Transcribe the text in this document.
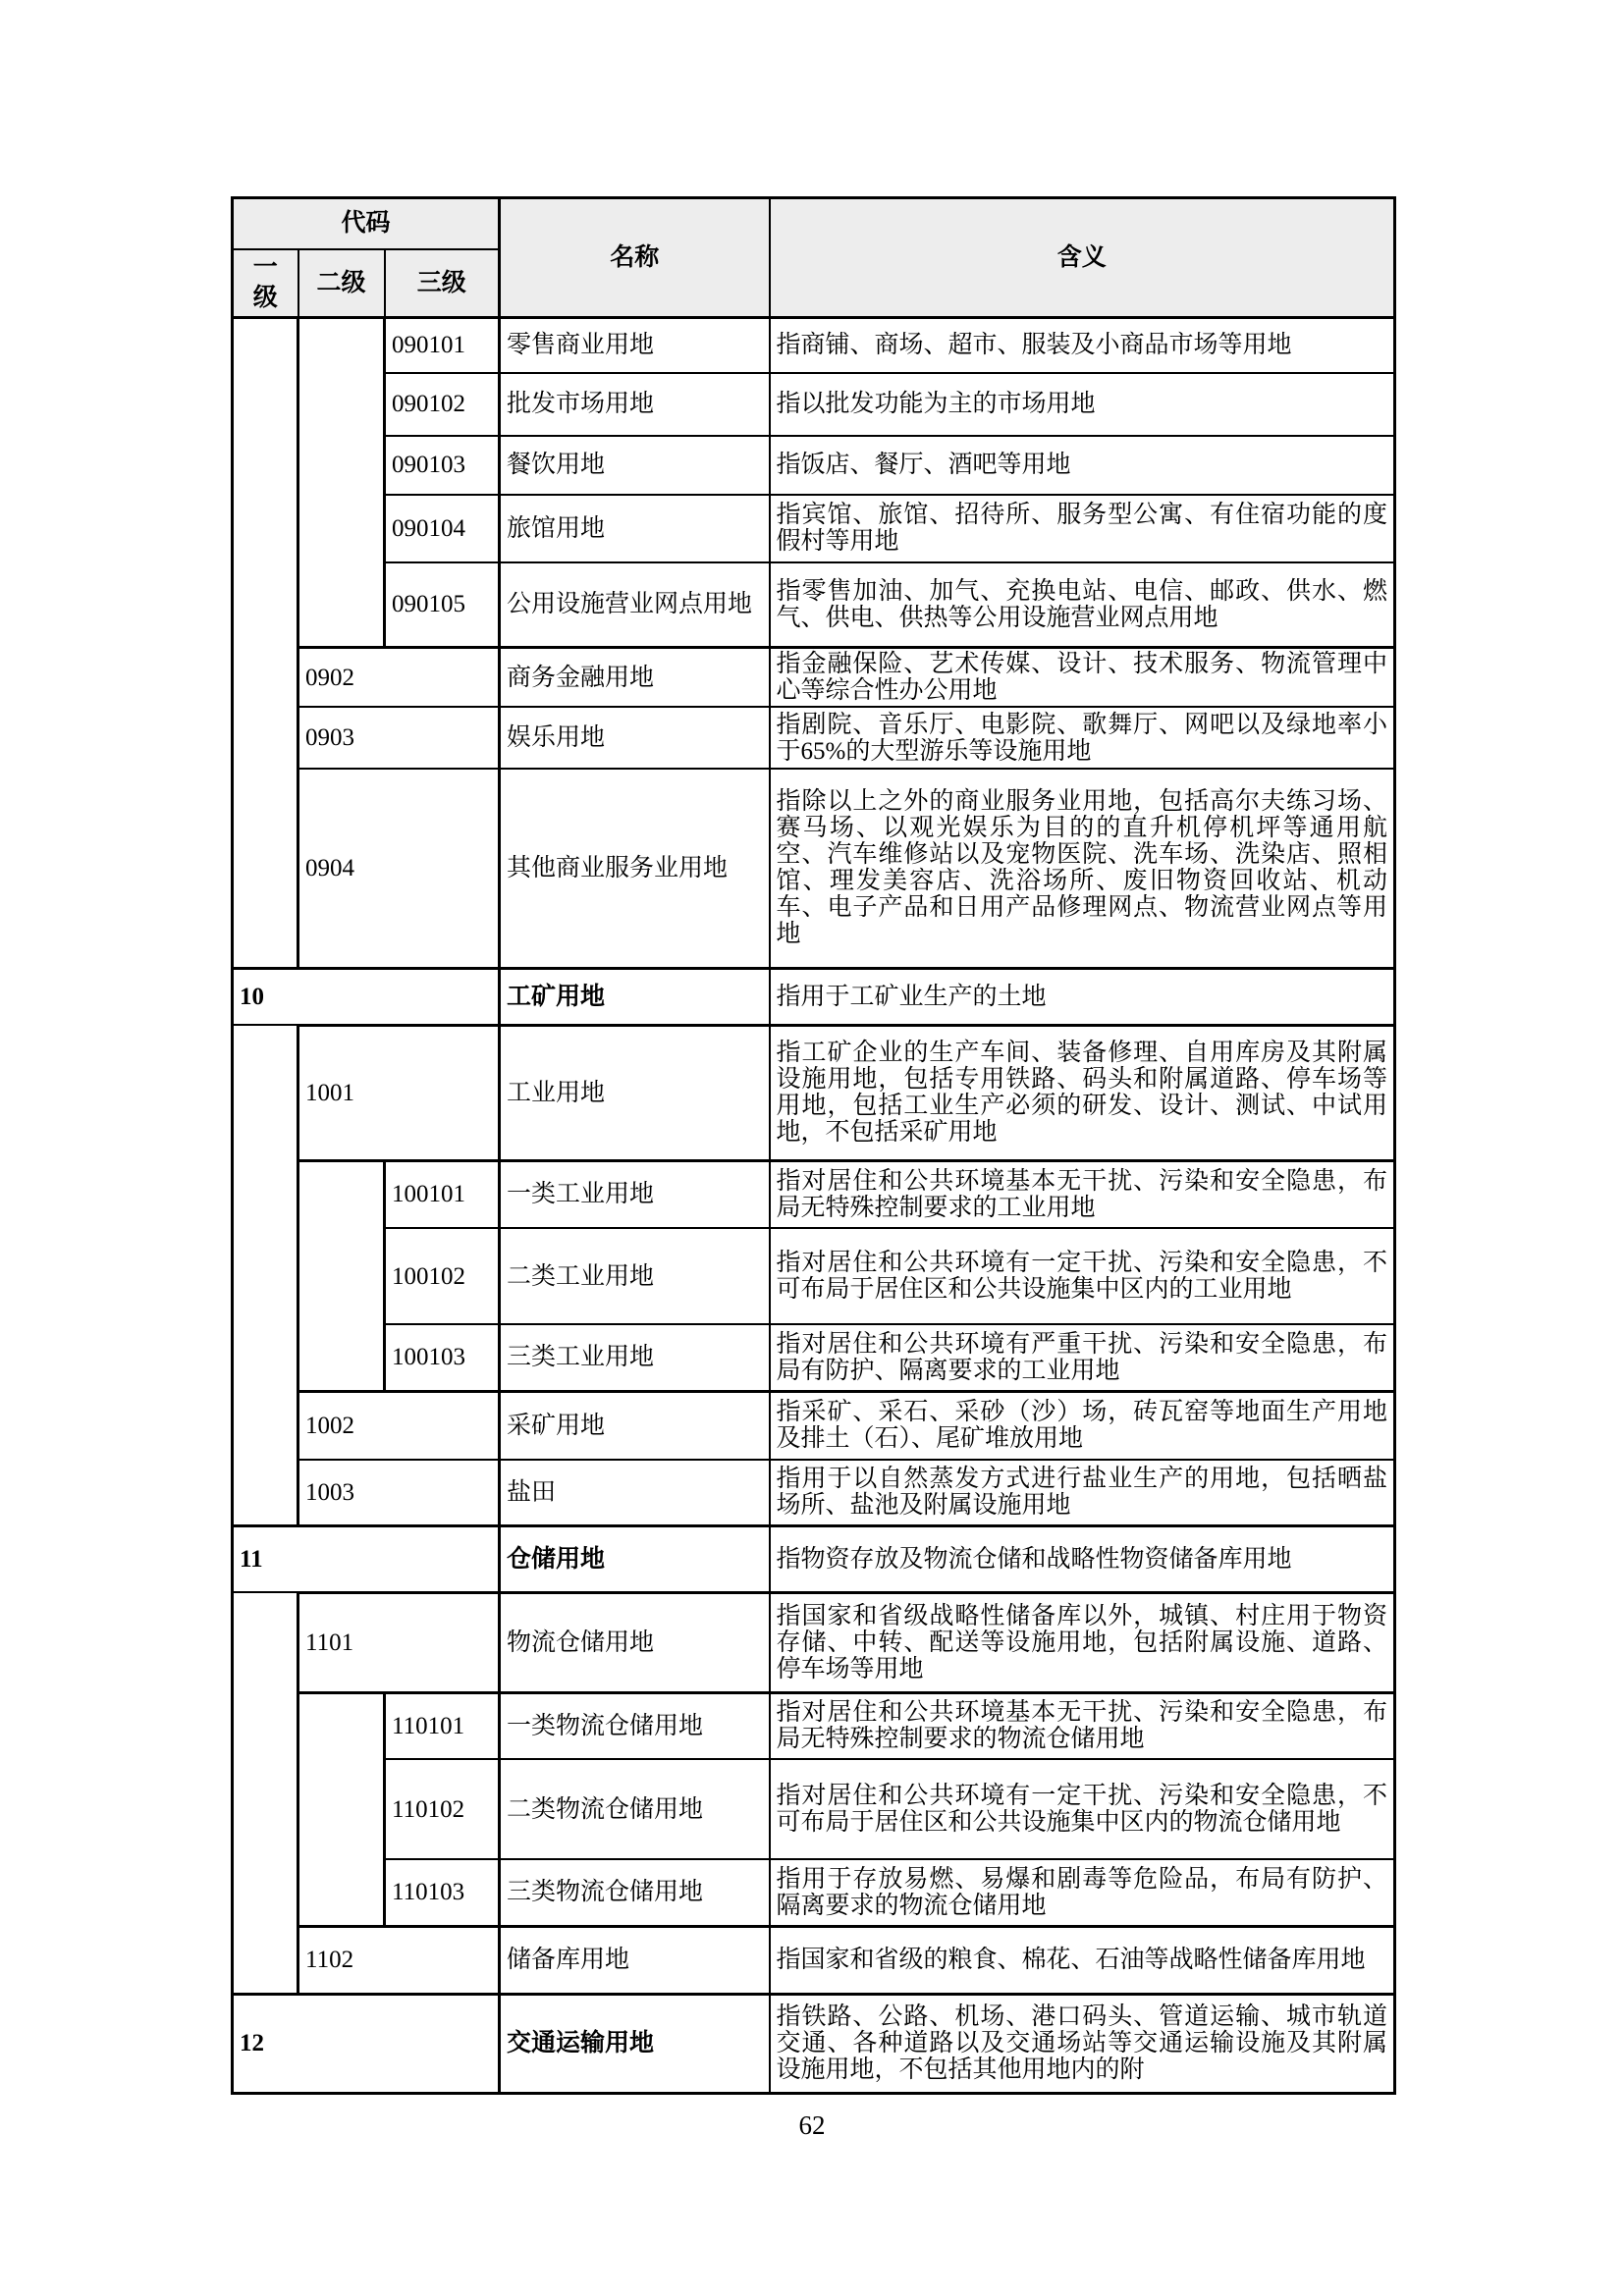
代码			名称	含义
一级	二级	三级		
		090101	零售商业用地	指商铺、商场、超市、服装及小商品市场等用地
		090102	批发市场用地	指以批发功能为主的市场用地
		090103	餐饮用地	指饭店、餐厅、酒吧等用地
		090104	旅馆用地	指宾馆、旅馆、招待所、服务型公寓、有住宿功能的度假村等用地
		090105	公用设施营业网点用地	指零售加油、加气、充换电站、电信、邮政、供水、燃气、供电、供热等公用设施营业网点用地
	0902		商务金融用地	指金融保险、艺术传媒、设计、技术服务、物流管理中心等综合性办公用地
	0903		娱乐用地	指剧院、音乐厅、电影院、歌舞厅、网吧以及绿地率小于65%的大型游乐等设施用地
	0904		其他商业服务业用地	指除以上之外的商业服务业用地，包括高尔夫练习场、赛马场、以观光娱乐为目的的直升机停机坪等通用航空、汽车维修站以及宠物医院、洗车场、洗染店、照相馆、理发美容店、洗浴场所、废旧物资回收站、机动车、电子产品和日用产品修理网点、物流营业网点等用地
10			工矿用地	指用于工矿业生产的土地
	1001		工业用地	指工矿企业的生产车间、装备修理、自用库房及其附属设施用地，包括专用铁路、码头和附属道路、停车场等用地，包括工业生产必须的研发、设计、测试、中试用地，不包括采矿用地
		100101	一类工业用地	指对居住和公共环境基本无干扰、污染和安全隐患，布局无特殊控制要求的工业用地
		100102	二类工业用地	指对居住和公共环境有一定干扰、污染和安全隐患，不可布局于居住区和公共设施集中区内的工业用地
		100103	三类工业用地	指对居住和公共环境有严重干扰、污染和安全隐患，布局有防护、隔离要求的工业用地
	1002		采矿用地	指采矿、采石、采砂（沙）场，砖瓦窑等地面生产用地及排土（石）、尾矿堆放用地
	1003		盐田	指用于以自然蒸发方式进行盐业生产的用地，包括晒盐场所、盐池及附属设施用地
11			仓储用地	指物资存放及物流仓储和战略性物资储备库用地
	1101		物流仓储用地	指国家和省级战略性储备库以外，城镇、村庄用于物资存储、中转、配送等设施用地，包括附属设施、道路、停车场等用地
		110101	一类物流仓储用地	指对居住和公共环境基本无干扰、污染和安全隐患，布局无特殊控制要求的物流仓储用地
		110102	二类物流仓储用地	指对居住和公共环境有一定干扰、污染和安全隐患，不可布局于居住区和公共设施集中区内的物流仓储用地
		110103	三类物流仓储用地	指用于存放易燃、易爆和剧毒等危险品，布局有防护、隔离要求的物流仓储用地
	1102		储备库用地	指国家和省级的粮食、棉花、石油等战略性储备库用地
12			交通运输用地	指铁路、公路、机场、港口码头、管道运输、城市轨道交通、各种道路以及交通场站等交通运输设施及其附属设施用地，不包括其他用地内的附
62
